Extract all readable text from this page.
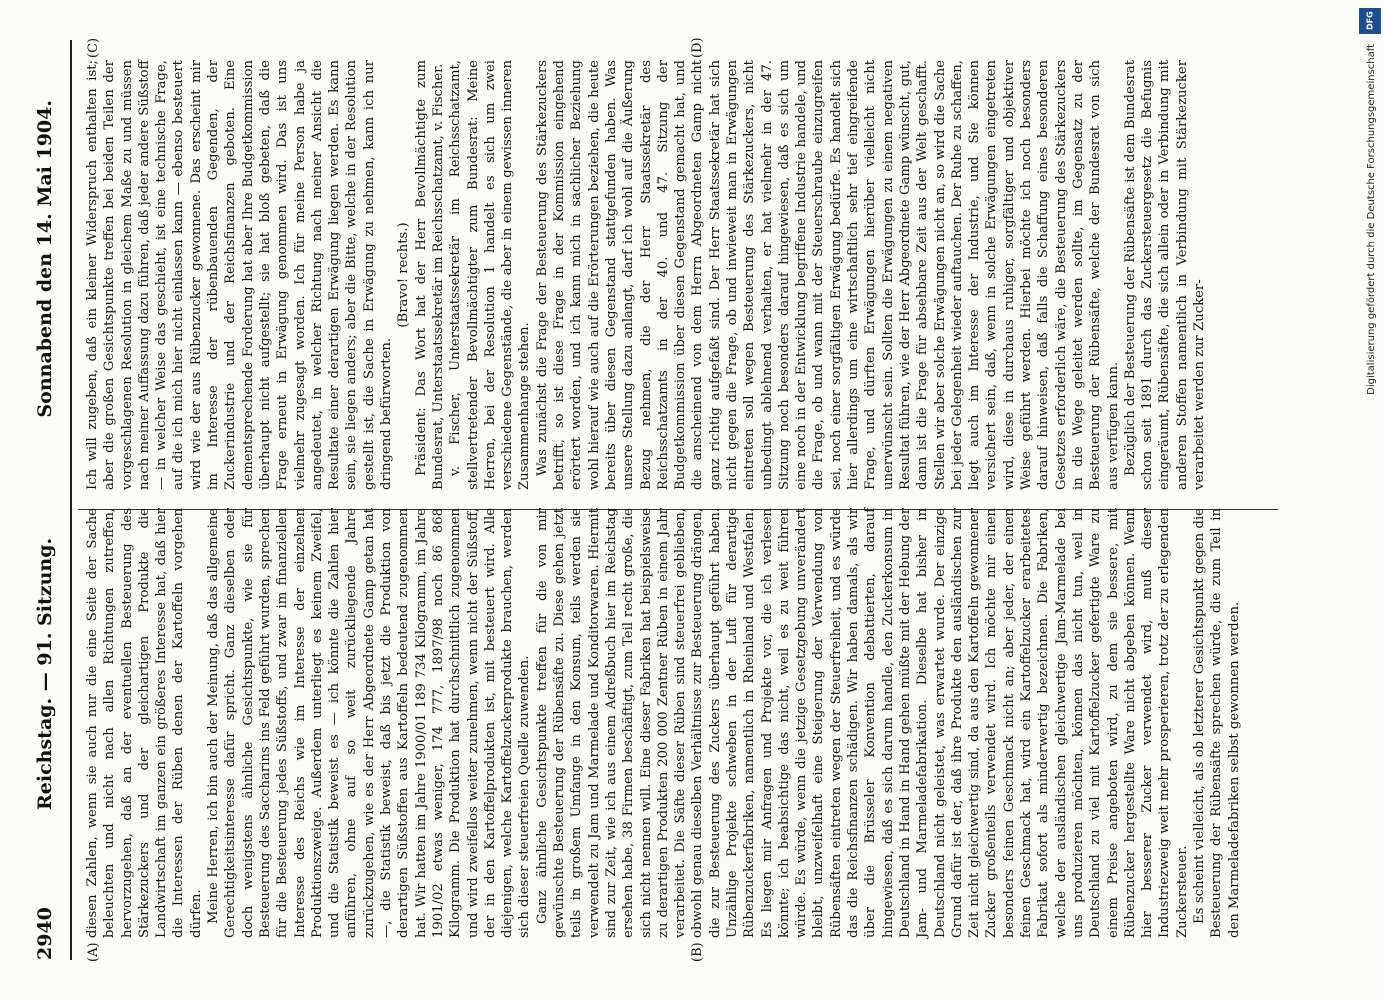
2940
Reichstag. — 91. Sitzung.
Sonnabend den 14. Mai 1904.
(A)	(B)
(C)	(D)

diesen Zahlen, wenn sie auch nur die eine Seite der Sache beleuchten und nicht nach allen Richtungen zutreffen, hervorzugehen, daß an der eventuellen Besteuerung des Stärkezuckers und der gleichartigen Produkte die Landwirtschaft im ganzen ein größeres Interesse hat, daß hier die Interessen der Rüben denen der Kartoffeln vorgehen dürfen. Meine Herren, ich bin auch der Meinung, daß das allgemeine Gerechtigkeitsinteresse dafür spricht. Ganz dieselben oder doch wenigstens ähnliche Gesichtspunkte, wie sie für Besteuerung des Saccharins ins Feld geführt wurden, sprechen für die Besteuerung jedes Süßstoffs, und zwar im finanziellen Interesse des Reichs wie im Interesse der einzelnen Produktionszweige. Außerdem unterliegt es keinem Zweifel, und die Statistik beweist es — ich könnte die Zahlen hier anführen, ohne auf so weit zurückliegende Jahre zurückzugehen, wie es der Herr Abgeordnete Gamp getan hat —, die Statistik beweist, daß bis jetzt die Produktion von derartigen Süßstoffen aus Kartoffeln bedeutend zugenommen hat. Wir hatten im Jahre 1900/01 189 734 Kilogramm, im Jahre 1901/02 etwas weniger, 174 777, 1897/98 noch 86 868 Kilogramm. Die Produktion hat durchschnittlich zugenommen und wird zweifellos weiter zunehmen, wenn nicht der Süßstoff, der in den Kartoffelprodukten ist, mit besteuert wird. Alle diejenigen, welche Kartoffelzuckerprodukte brauchen, werden sich dieser steuerfreien Quelle zuwenden. Ganz ähnliche Gesichtspunkte treffen für die von mir gewünschte Besteuerung der Rübensäfte zu. Diese gehen jetzt teils in großem Umfange in den Konsum, teils werden sie verwendelt zu Jam und Marmelade und Konditorwaren. Hiermit sind zur Zeit, wie ich aus einem Adreßbuch hier im Reichstag ersehen habe, 38 Firmen beschäftigt, zum Teil recht große, die sich nicht nennen will. Eine dieser Fabriken hat beispielsweise zu derartigen Produkten 200 000 Zentner Rüben in einem Jahr verarbeitet. Die Säfte dieser Rüben sind steuerfrei geblieben, obwohl genau dieselben Verhältnisse zur Besteuerung drängen, die zur Besteuerung des Zuckers überhaupt geführt haben. Unzählige Projekte schweben in der Luft für derartige Rübenzuckerfabriken, namentlich in Rheinland und Westfalen. Es liegen mir Anfragen und Projekte vor, die ich verlesen könnte; ich beabsichtige das nicht, weil es zu weit führen würde. Es würde, wenn die jetzige Gesetzgebung unverändert bleibt, unzweifelhaft eine Steigerung der Verwendung von Rübensäften eintreten wegen der Steuerfreiheit, und es würde das die Reichsfinanzen schädigen. Wir haben damals, als wir über die Brüsseler Konvention debattierten, darauf hingewiesen, daß es sich darum handle, den Zuckerkonsum in Deutschland in Hand in Hand gehen müßte mit der Hebung der Jam- und Marmeladefabrikation. Dieselbe hat bisher in Deutschland nicht geleistet, was erwartet wurde. Der einzige Grund dafür ist der, daß ihre Produkte den ausländischen zur Zeit nicht gleichwertig sind, da aus den Kartoffeln gewonnener Zucker großenteils verwendet wird. Ich möchte mir einen besonders feinen Geschmack nicht an; aber jeder, der einen feinen Geschmack hat, wird ein Kartoffelzucker erarbeitetes Fabrikat sofort als minderwertig bezeichnen. Die Fabriken, welche der ausländischen gleichwertige Jam-Marmelade bei uns produzieren möchten, können das nicht tun, weil in Deutschland zu viel mit Kartoffelzucker gefertigte Ware zu einem Preise angeboten wird, zu dem sie bessere, mit Rübenzucker hergestellte Ware nicht abgeben können. Wenn hier besserer Zucker verwendet wird, muß dieser Industriezweig weit mehr prosperieren, trotz der zu erlegenden Zuckersteuer. Es scheint vielleicht, als ob letzterer Gesichtspunkt gegen die Besteuerung der Rübensäfte sprechen würde, die zum Teil in den Marmeladefabriken selbst gewonnen werden.

Ich will zugeben, daß ein kleiner Widerspruch enthalten ist; aber die großen Gesichtspunkte treffen bei beiden Teilen der vorgeschlagenen Resolution in gleichem Maße zu und müssen nach meiner Auffassung dazu führen, daß jeder andere Süßstoff — in welcher Weise das geschieht, ist eine technische Frage, auf die ich mich hier nicht einlassen kann — ebenso besteuert wird wie der aus Rübenzucker gewonnene. Das erscheint mir im Interesse der rübenbauenden Gegenden, der Zuckerindustrie und der Reichsfinanzen geboten. Eine dementsprechende Forderung hat aber Ihre Budgetkommission überhaupt nicht aufgestellt; sie hat bloß gebeten, daß die Frage erneut in Erwägung genommen wird. Das ist uns vielmehr zugesagt worden. Ich für meine Person habe ja angedeutet, in welcher Richtung nach meiner Ansicht die Resultate einer derartigen Erwägung liegen werden. Es kann sein, sie liegen anders; aber die Bitte, welche in der Resolution gestellt ist, die Sache in Erwägung zu nehmen, kann ich nur dringend befürworten.

(Bravo! rechts.) Präsident: Das Wort hat der Herr Bevollmächtigte zum Bundesrat, Unterstaatssekretär im Reichsschatzamt, v. Fischer. v. Fischer, Unterstaatssekretär im Reichsschatzamt, stellvertretender Bevollmächtigter zum Bundesrat: Meine Herren, bei der Resolution 1 handelt es sich um zwei verschiedene Gegenstände, die aber in einem gewissen inneren Zusammenhange stehen. Was zunächst die Frage der Besteuerung des Stärkezuckers betrifft, so ist diese Frage in der Kommission eingehend erörtert worden, und ich kann mich in sachlicher Beziehung wohl hierauf wie auch auf die Erörterungen beziehen, die heute bereits über diesen Gegenstand stattgefunden haben. Was unsere Stellung dazu anlangt, darf ich wohl auf die Äußerung Bezug nehmen, die der Herr Staatssekretär des Reichsschatzamts in der 40. und 47. Sitzung der Budgetkommission über diesen Gegenstand gemacht hat, und die anscheinend von dem Herrn Abgeordneten Gamp nicht ganz richtig aufgefaßt sind. Der Herr Staatssekretär hat sich nicht gegen die Frage, ob und inwieweit man in Erwägungen eintreten soll wegen Besteuerung des Stärkezuckers, nicht unbedingt ablehnend verhalten, er hat vielmehr in der 47. Sitzung noch besonders darauf hingewiesen, daß es sich um eine noch in der Entwicklung begriffene Industrie handele, und die Frage, ob und wann mit der Steuerschraube einzugreifen sei, noch einer sorgfältigen Erwägung bedürfe. Es handelt sich hier allerdings um eine wirtschaftlich sehr tief eingreifende Frage, und dürften Erwägungen hierüber vielleicht nicht unerwünscht sein. Sollten die Erwägungen zu einem negativen Resultat führen, wie der Herr Abgeordnete Gamp wünscht, gut, dann ist die Frage für absehbare Zeit aus der Welt geschafft. Stellen wir aber solche Erwägungen nicht an, so wird die Sache bei jeder Gelegenheit wieder auftauchen. Der Ruhe zu schaffen, liegt auch im Interesse der Industrie, und Sie können versichert sein, daß, wenn in solche Erwägungen eingetreten wird, diese in durchaus ruhiger, sorgfältiger und objektiver Weise geführt werden. Hierbei möchte ich noch besonders darauf hinweisen, daß falls die Schaffung eines besonderen Gesetzes erforderlich wäre, die Besteuerung des Stärkezuckers in die Wege geleitet werden sollte, im Gegensatz zu der Besteuerung der Rübensäfte, welche der Bundesrat von sich aus verfügen kann. Bezüglich der Besteuerung der Rübensäfte ist dem Bundesrat schon seit 1891 durch das Zuckersteuergesetz die Befugnis eingeräumt, Rübensäfte, die sich allein oder in Verbindung mit anderen Stoffen namentlich in Verbindung mit Stärkezucker verarbeitet werden zur Zucker-

DFG
Digitalisierung gefördert durch die Deutsche Forschungsgemeinschaft
